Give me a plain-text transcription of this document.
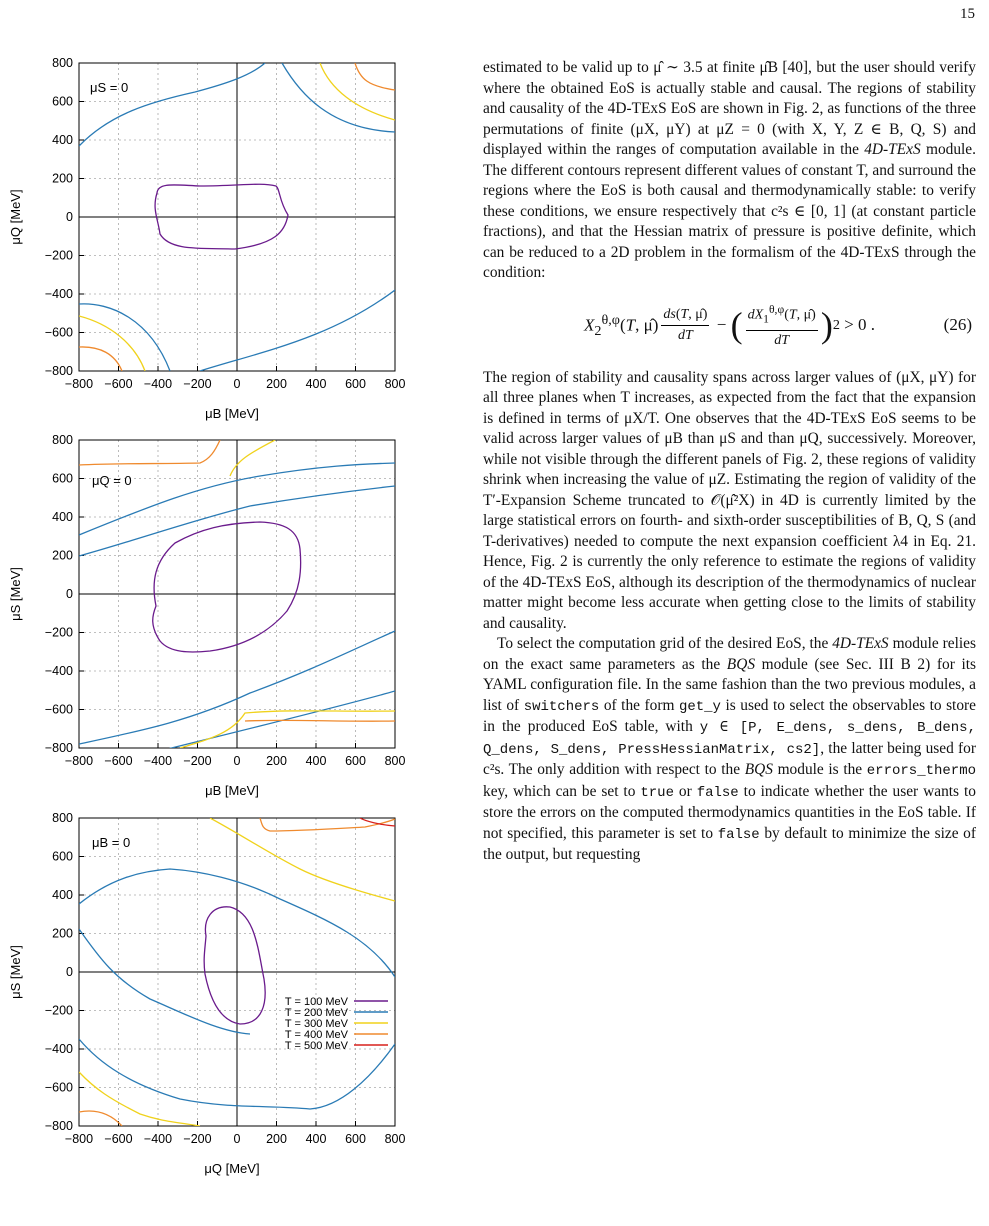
15
−800 −600 −400 −200 0 200 400 600 800
800
600
400
200
0
−200
−400
−600
−800
μS = 0
μB [MeV]
μQ [MeV]
−800 −600 −400 −200 0 200 400 600 800
800
600
400
200
0
−200
−400
−600
−800
μQ = 0
μB [MeV]
μS [MeV]
−800 −600 −400 −200 0 200 400 600 800
800
600
400
200
0
−200
−400
−600
−800
μB = 0
μQ [MeV]
μS [MeV]
T = 100 MeV
T = 200 MeV
T = 300 MeV
T = 400 MeV
T = 500 MeV

estimated to be valid up to μ̂ ∼ 3.5 at finite μ̂B [40], but the user should verify where the obtained EoS is actually stable and causal. The regions of stability and causality of the 4D-TExS EoS are shown in Fig. 2, as functions of the three permutations of finite (μX, μY) at μZ = 0 (with X, Y, Z ∈ B, Q, S) and displayed within the ranges of computation available in the 4D-TExS module. The different contours represent different values of constant T, and surround the regions where the EoS is both causal and thermodynamically stable: to verify these conditions, we ensure respectively that c²s ∈ [0, 1] (at constant particle fractions), and that the Hessian matrix of pressure is positive definite, which can be reduced to a 2D problem in the formalism of the 4D-TExS through the condition:

$X_2^{\theta,\varphi}(T$, μ̂) $\frac{ds(T, \mû)}{dT}$ − ( $\frac{dX_1^{\theta,\varphi}(T, \mû)}{dT}$ ) 2 > 0 .	(26)

The region of stability and causality spans across larger values of (μX, μY) for all three planes when T increases, as expected from the fact that the expansion is defined in terms of μX/T. One observes that the 4D-TExS EoS seems to be valid across larger values of μB than μS and than μQ, successively. Moreover, while not visible through the different panels of Fig. 2, these regions of validity shrink when increasing the value of μZ. Estimating the region of validity of the T′-Expansion Scheme truncated to 𝒪(μ̂²X) in 4D is currently limited by the large statistical errors on fourth- and sixth-order susceptibilities of B, Q, S (and T-derivatives) needed to compute the next expansion coefficient λ4 in Eq. 21. Hence, Fig. 2 is currently the only reference to estimate the regions of validity of the 4D-TExS EoS, although its description of the thermodynamics of nuclear matter might become less accurate when getting close to the limits of stability and causality.

To select the computation grid of the desired EoS, the 4D-TExS module relies on the exact same parameters as the BQS module (see Sec. III B 2) for its YAML configuration file. In the same fashion than the two previous modules, a list of switchers of the form get_y is used to select the observables to store in the produced EoS table, with y ∈ [P, E_dens, s_dens, B_dens, Q_dens, S_dens, PressHessianMatrix, cs2], the latter being used for c²s. The only addition with respect to the BQS module is the errors_thermo key, which can be set to true or false to indicate whether the user wants to store the errors on the computed thermodynamics quantities in the EoS table. If not specified, this parameter is set to false by default to minimize the size of the output, but requesting
